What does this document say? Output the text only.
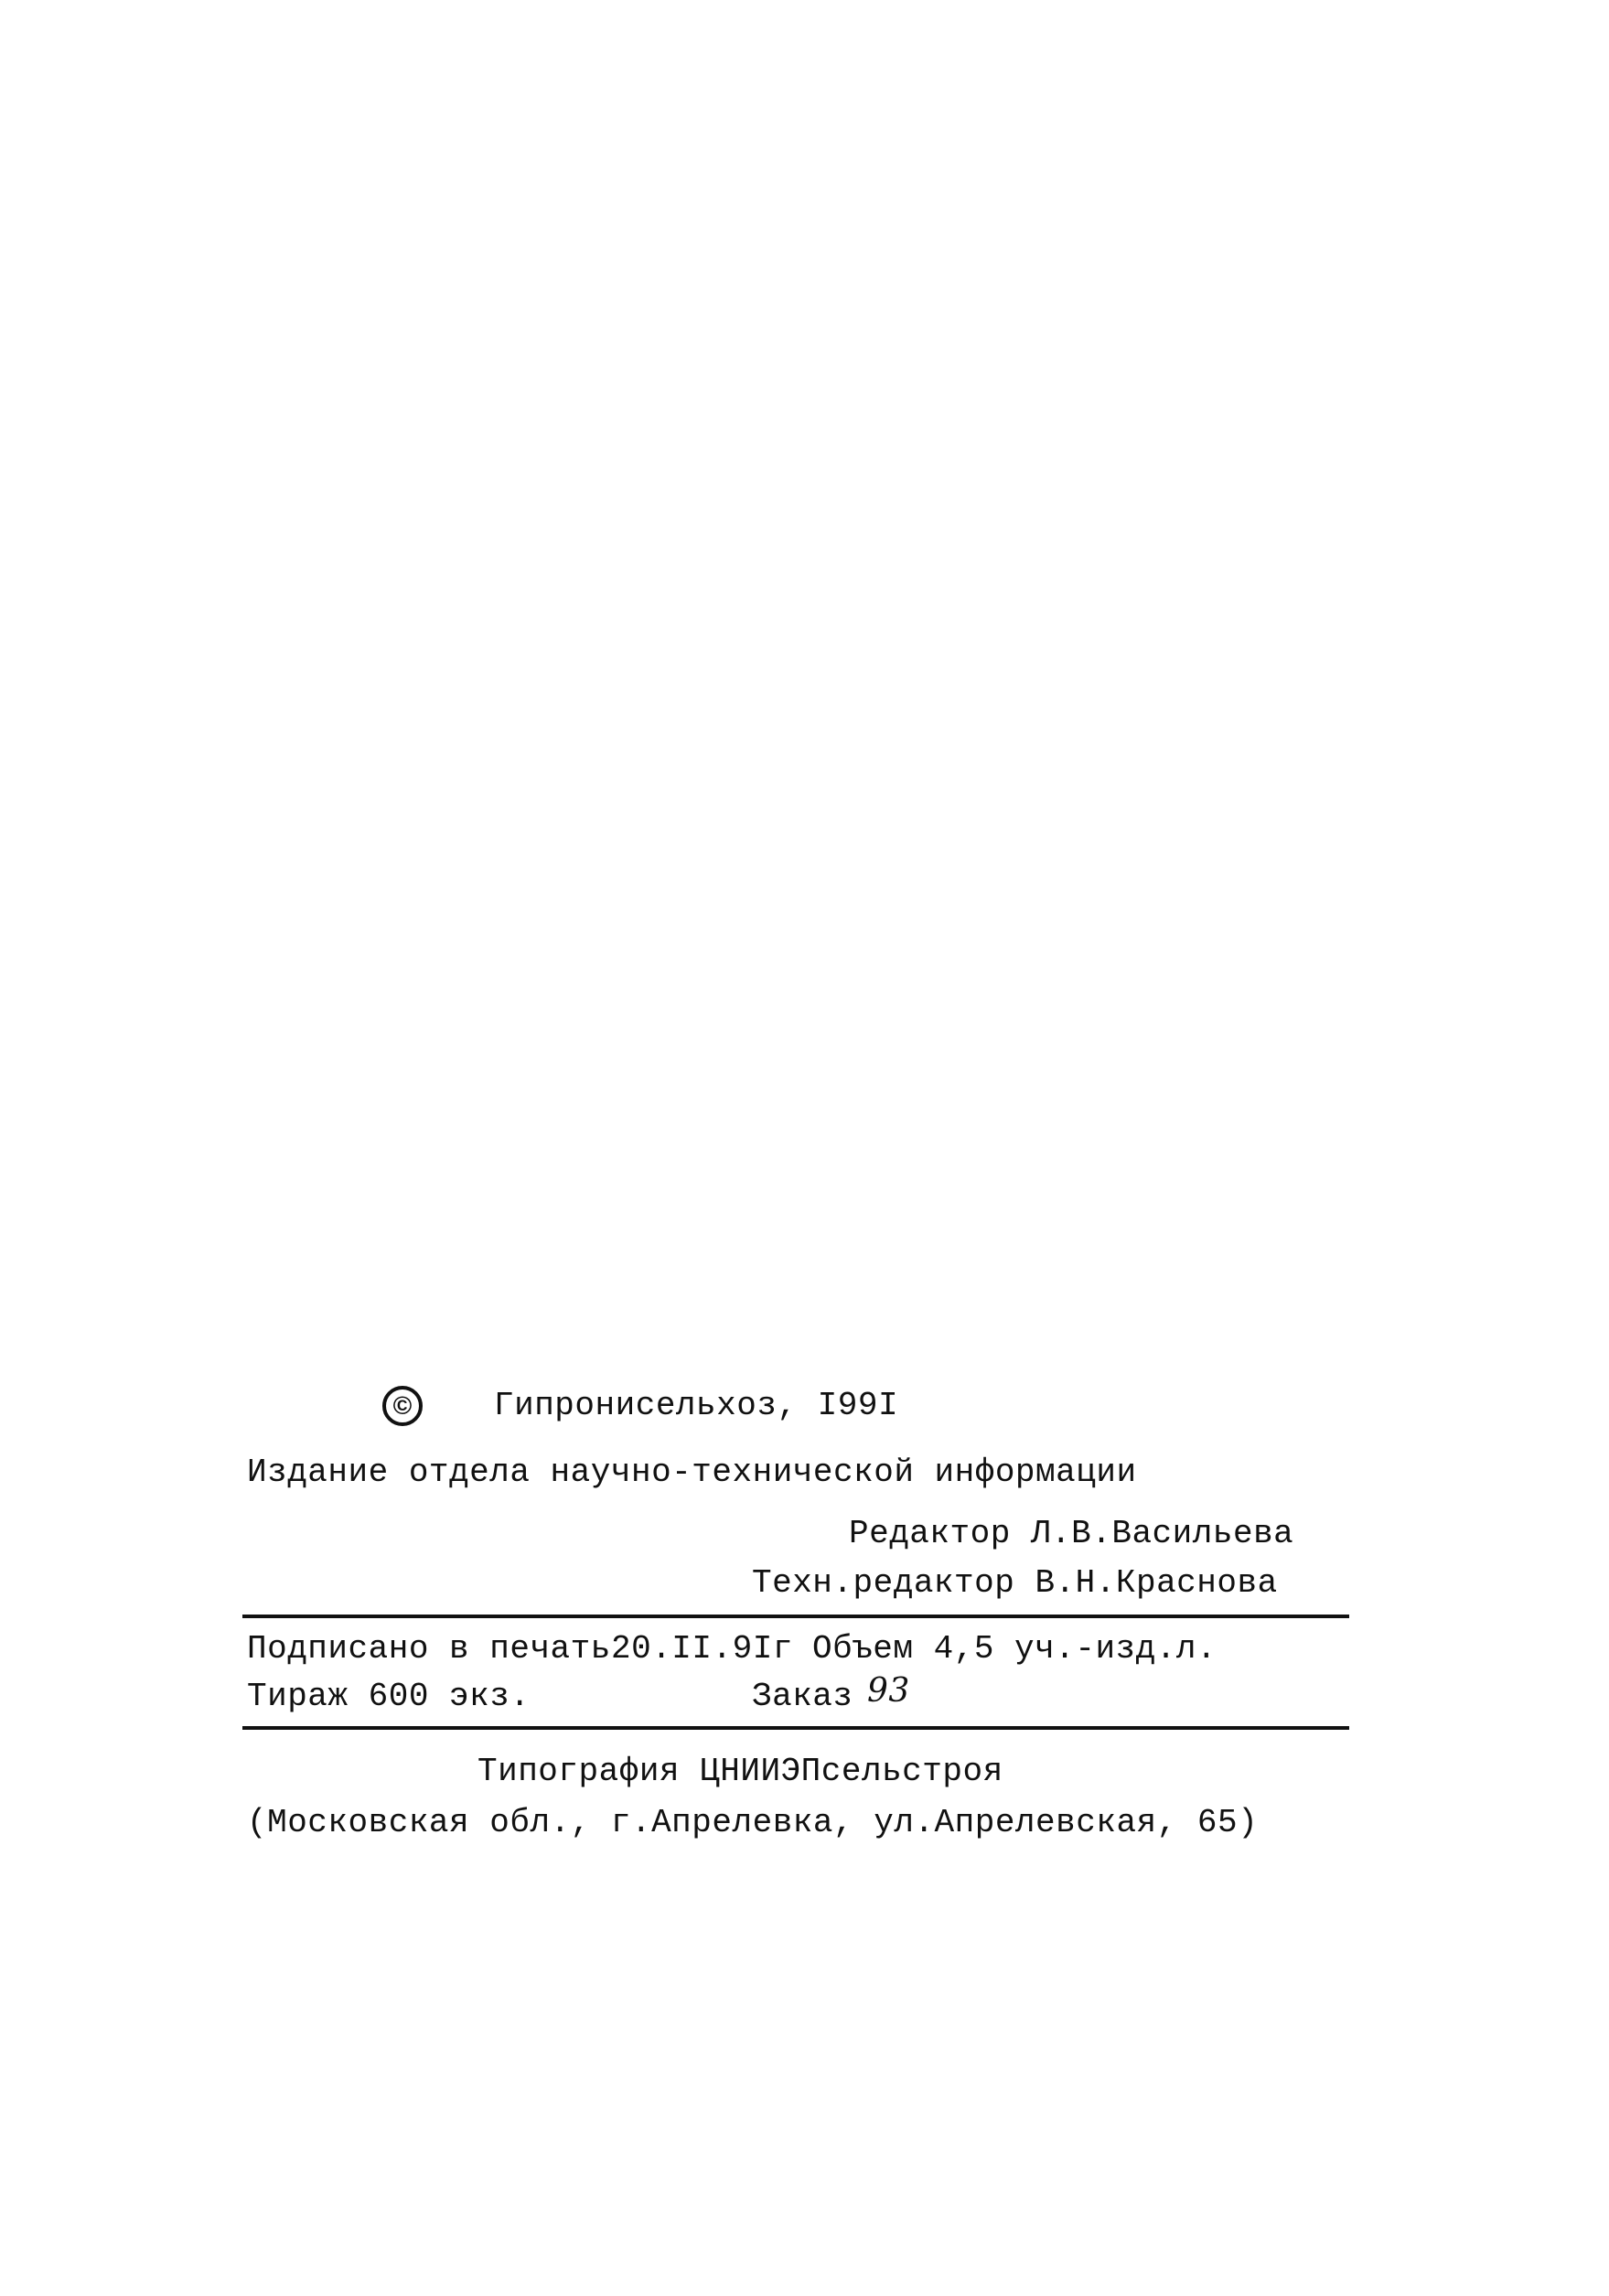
©	Гипронисельхоз, I99I
Издание отдела научно-технической информации
Редактор Л.В.Васильева
Техн.редактор В.Н.Краснова
Подписано в печать 20.II.9Iг Объем 4,5 уч.-изд.л.
Тираж 600 экз.	Заказ 93
Типография ЦНИИЭПсельстроя
(Московская обл., г.Апрелевка, ул.Апрелевская, 65)
